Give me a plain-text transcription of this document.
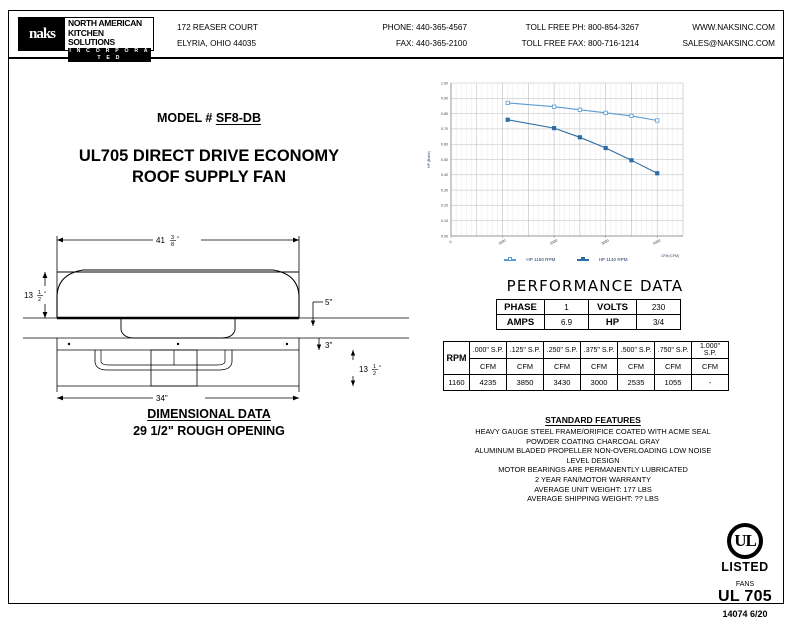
naks
NORTH AMERICAN
KITCHEN SOLUTIONS
I N C O R P O R A T E D
172 REASER COURT
ELYRIA, OHIO 44035
PHONE: 440-365-4567
FAX: 440-365-2100
TOLL FREE PH: 800-854-3267
TOLL FREE FAX: 800-716-1214
WWW.NAKSINC.COM
SALES@NAKSINC.COM
MODEL # SF8-DB
UL705 DIRECT DRIVE ECONOMY
ROOF SUPPLY FAN
41 3
8
"
13 1
2
"
5"
3"
13 1
2
"
34"
DIMENSIONAL DATA
29 1/2" ROUGH OPENING
0.00
0.10
0.20
0.30
0.40
0.50
0.60
0.70
0.80
0.90
1.00
0	1000	2000	3000	4000
HP (Brake)
CFM (CFM)
HP 1150 RPM	HP 1140 RPM
PERFORMANCE DATA
PHASE	1	VOLTS	230
AMPS	6.9	HP	3/4
RPM	.000" S.P.	.125" S.P.	.250" S.P.	.375" S.P.	.500" S.P.	.750" S.P.	1.000" S.P.
	CFM	CFM	CFM	CFM	CFM	CFM	CFM
1160	4235	3850	3430	3000	2535	1055	-
STANDARD FEATURES
HEAVY GAUGE STEEL FRAME/ORIFICE COATED WITH ACME SEAL
POWDER COATING CHARCOAL GRAY
ALUMINUM BLADED PROPELLER NON-OVERLOADING LOW NOISE
LEVEL DESIGN
MOTOR BEARINGS ARE PERMANENTLY LUBRICATED
2 YEAR FAN/MOTOR WARRANTY
AVERAGE UNIT WEIGHT: 177 LBS
AVERAGE SHIPPING WEIGHT: ?? LBS
UL
LISTED
FANS
UL 705
14074 6/20
